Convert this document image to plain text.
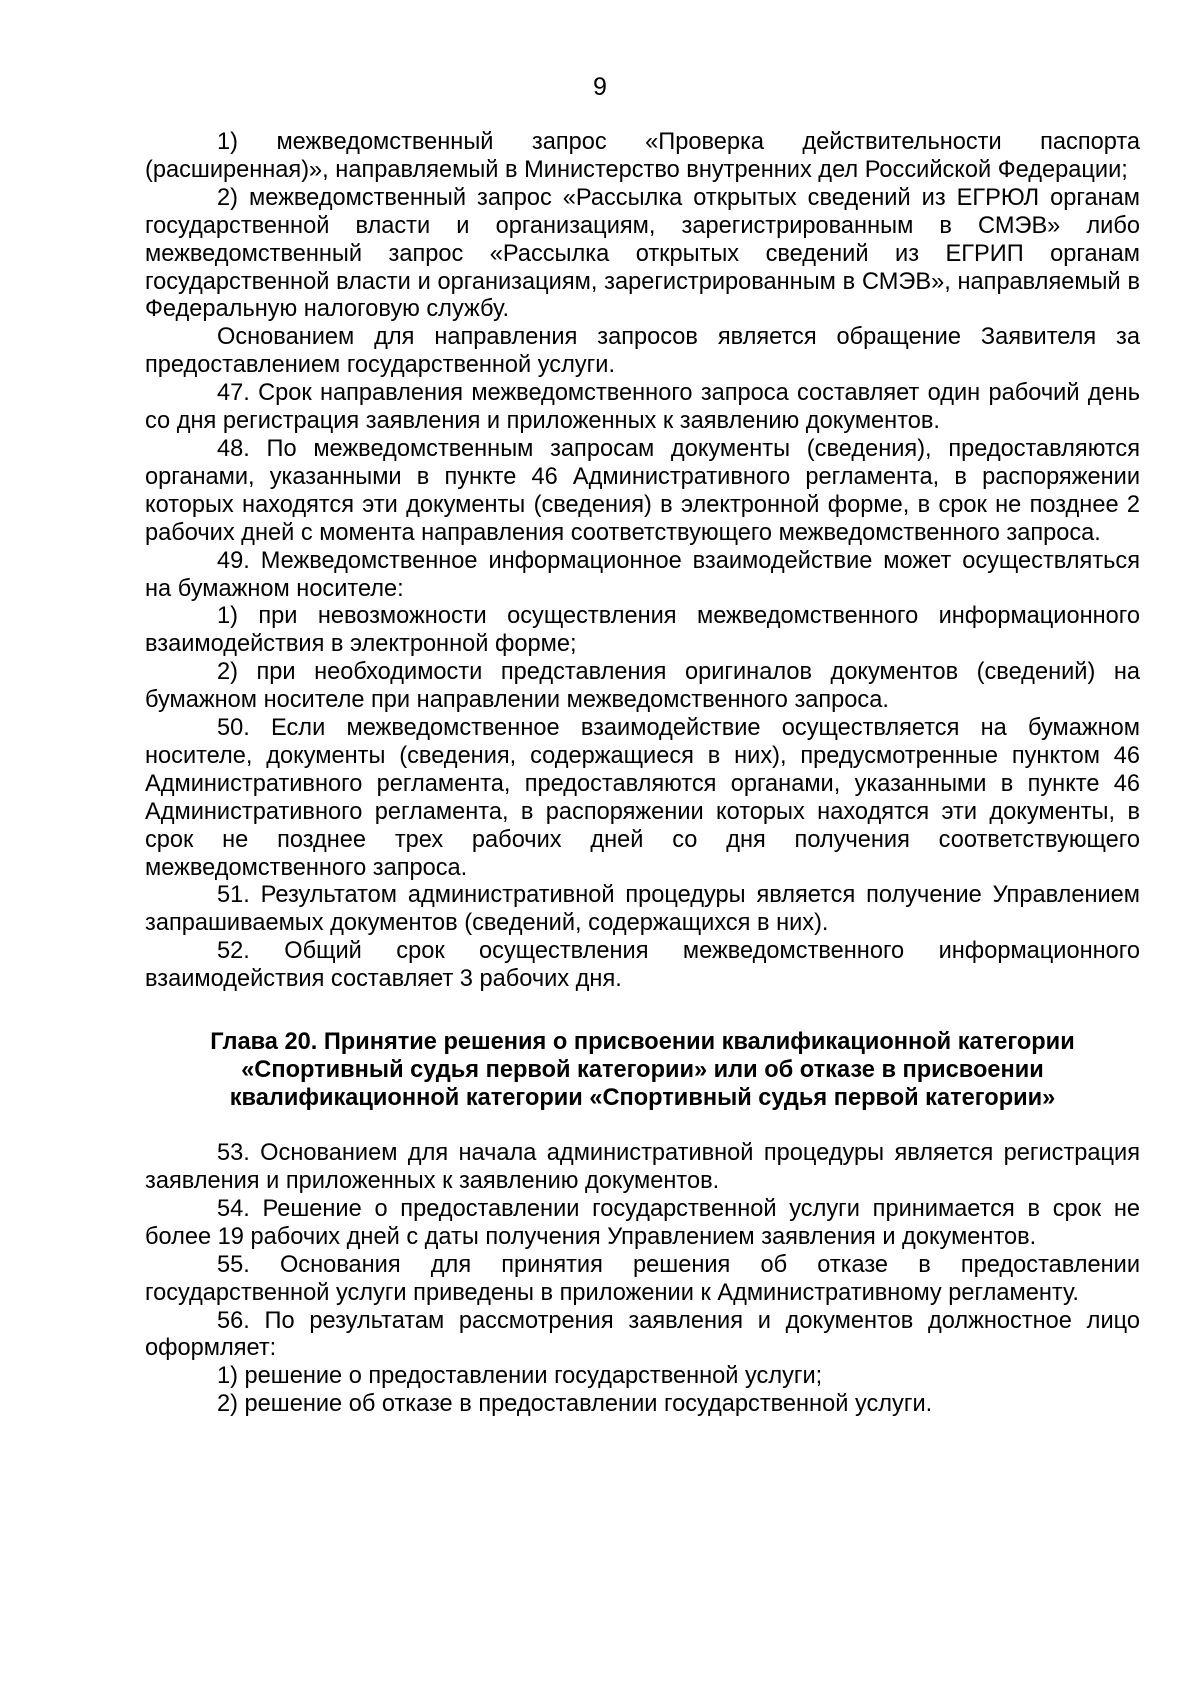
9

1) межведомственный запрос «Проверка действительности паспорта (расширенная)», направляемый в Министерство внутренних дел Российской Федерации;

2) межведомственный запрос «Рассылка открытых сведений из ЕГРЮЛ органам государственной власти и организациям, зарегистрированным в СМЭВ» либо межведомственный запрос «Рассылка открытых сведений из ЕГРИП органам государственной власти и организациям, зарегистрированным в СМЭВ», направляемый в Федеральную налоговую службу.

Основанием для направления запросов является обращение Заявителя за предоставлением государственной услуги.

47. Срок направления межведомственного запроса составляет один рабочий день со дня регистрация заявления и приложенных к заявлению документов.

48. По межведомственным запросам документы (сведения), предоставляются органами, указанными в пункте 46 Административного регламента, в распоряжении которых находятся эти документы (сведения) в электронной форме, в срок не позднее 2 рабочих дней с момента направления соответствующего межведомственного запроса.

49. Межведомственное информационное взаимодействие может осуществляться на бумажном носителе:

1) при невозможности осуществления межведомственного информационного взаимодействия в электронной форме;

2) при необходимости представления оригиналов документов (сведений) на бумажном носителе при направлении межведомственного запроса.

50. Если межведомственное взаимодействие осуществляется на бумажном носителе, документы (сведения, содержащиеся в них), предусмотренные пунктом 46 Административного регламента, предоставляются органами, указанными в пункте 46 Административного регламента, в распоряжении которых находятся эти документы, в срок не позднее трех рабочих дней со дня получения соответствующего межведомственного запроса.

51. Результатом административной процедуры является получение Управлением запрашиваемых документов (сведений, содержащихся в них).

52. Общий срок осуществления межведомственного информационного взаимодействия составляет 3 рабочих дня.

Глава 20. Принятие решения о присвоении квалификационной категории
«Спортивный судья первой категории» или об отказе в присвоении
квалификационной категории «Спортивный судья первой категории»

53. Основанием для начала административной процедуры является регистрация заявления и приложенных к заявлению документов.

54. Решение о предоставлении государственной услуги принимается в срок не более 19 рабочих дней с даты получения Управлением заявления и документов.

55. Основания для принятия решения об отказе в предоставлении государственной услуги приведены в приложении к Административному регламенту.

56. По результатам рассмотрения заявления и документов должностное лицо оформляет:

1) решение о предоставлении государственной услуги;

2) решение об отказе в предоставлении государственной услуги.
